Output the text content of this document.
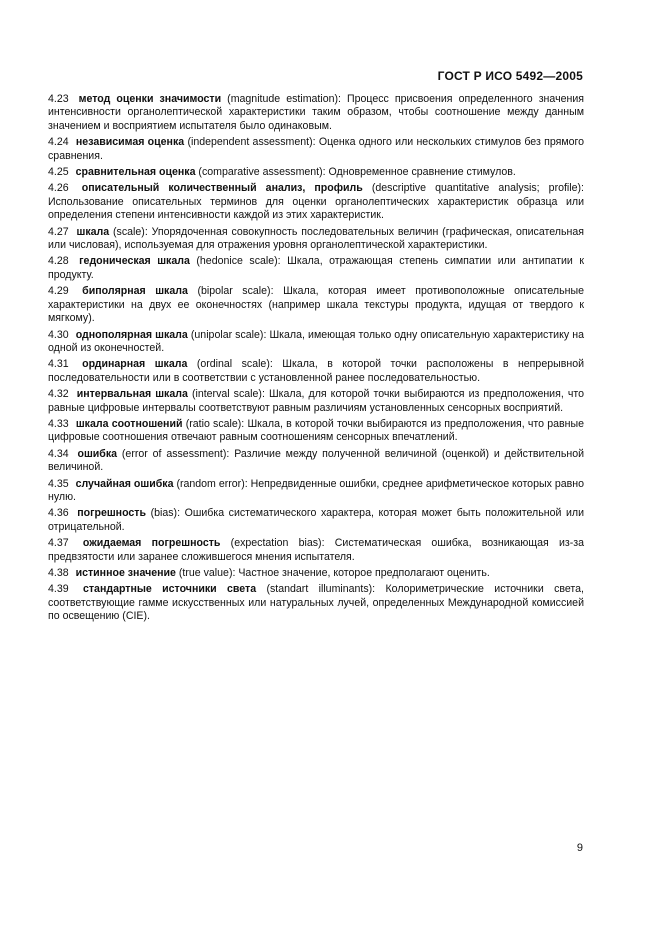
ГОСТ Р ИСО 5492—2005

4.23 метод оценки значимости (magnitude estimation): Процесс присвоения определенного значения интенсивности органолептической характеристики таким образом, чтобы соотношение между данным значением и восприятием испытателя было одинаковым.

4.24 независимая оценка (independent assessment): Оценка одного или нескольких стимулов без прямого сравнения.

4.25 сравнительная оценка (comparative assessment): Одновременное сравнение стимулов.

4.26 описательный количественный анализ, профиль (descriptive quantitative analysis; profile): Использование описательных терминов для оценки органолептических характеристик образца или определения степени интенсивности каждой из этих характеристик.

4.27 шкала (scale): Упорядоченная совокупность последовательных величин (графическая, описательная или числовая), используемая для отражения уровня органолептической характеристики.

4.28 гедоническая шкала (hedonice scale): Шкала, отражающая степень симпатии или антипатии к продукту.

4.29 биполярная шкала (bipolar scale): Шкала, которая имеет противоположные описательные характеристики на двух ее оконечностях (например шкала текстуры продукта, идущая от твердого к мягкому).

4.30 однополярная шкала (unipolar scale): Шкала, имеющая только одну описательную характеристику на одной из оконечностей.

4.31 ординарная шкала (ordinal scale): Шкала, в которой точки расположены в непрерывной последовательности или в соответствии с установленной ранее последовательностью.

4.32 интервальная шкала (interval scale): Шкала, для которой точки выбираются из предположения, что равные цифровые интервалы соответствуют равным различиям установленных сенсорных восприятий.

4.33 шкала соотношений (ratio scale): Шкала, в которой точки выбираются из предположения, что равные цифровые соотношения отвечают равным соотношениям сенсорных впечатлений.

4.34 ошибка (error of assessment): Различие между полученной величиной (оценкой) и действительной величиной.

4.35 случайная ошибка (random error): Непредвиденные ошибки, среднее арифметическое которых равно нулю.

4.36 погрешность (bias): Ошибка систематического характера, которая может быть положительной или отрицательной.

4.37 ожидаемая погрешность (expectation bias): Систематическая ошибка, возникающая из-за предвзятости или заранее сложившегося мнения испытателя.

4.38 истинное значение (true value): Частное значение, которое предполагают оценить.

4.39 стандартные источники света (standart illuminants): Колориметрические источники света, соответствующие гамме искусственных или натуральных лучей, определенных Международной комиссией по освещению (CIE).

9
